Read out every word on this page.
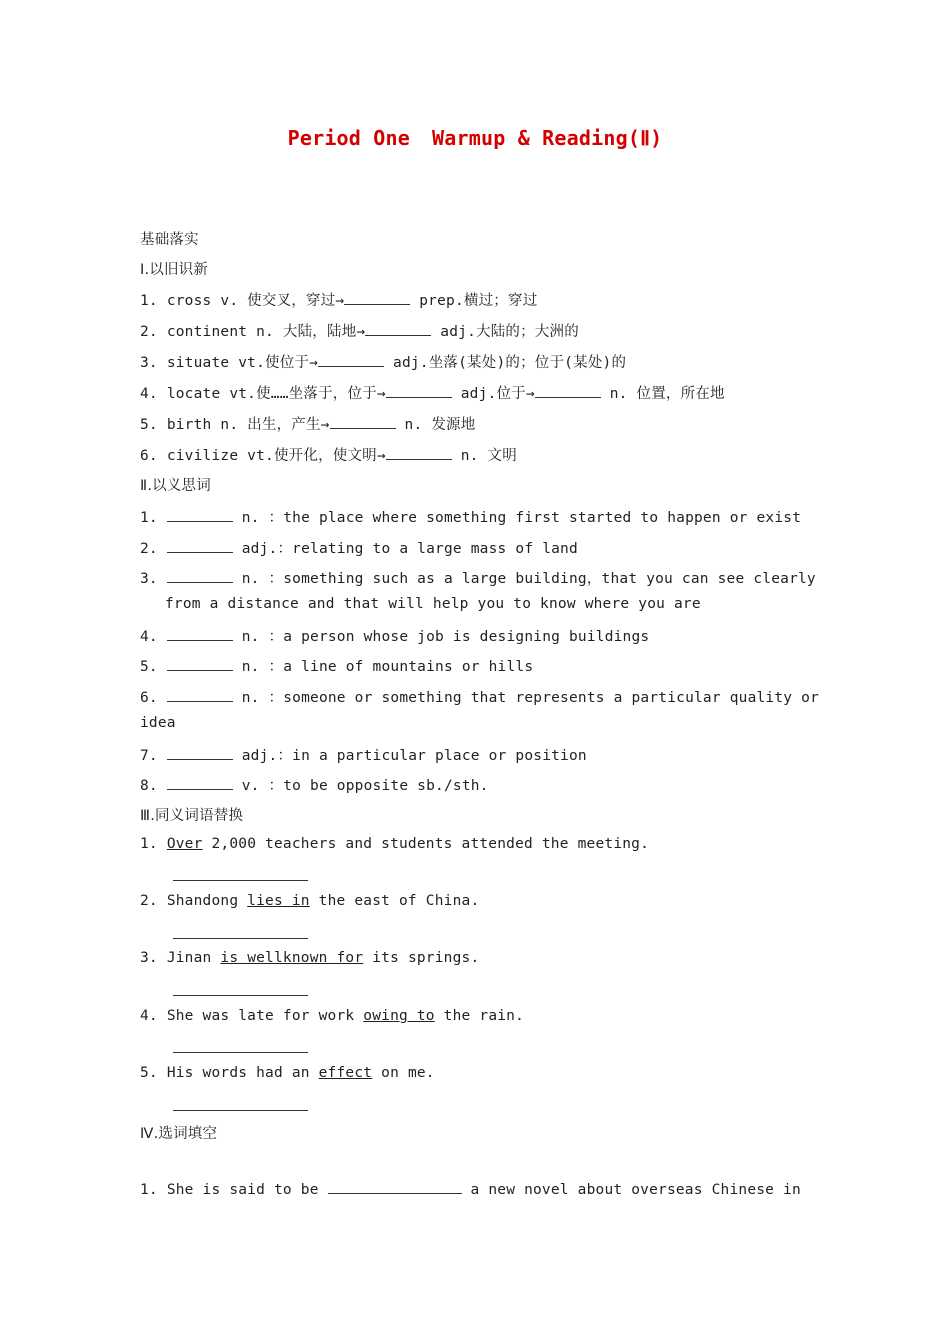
Period One Warmup & Reading(Ⅱ)
基础落实
Ⅰ.以旧识新
1. cross v. 使交叉，穿过→	prep.横过；穿过
2. continent n. 大陆，陆地→	adj.大陆的；大洲的
3. situate vt.使位于→	adj.坐落(某处)的；位于(某处)的
4. locate vt.使……坐落于，位于→	adj.位于→	n. 位置，所在地
5. birth n. 出生，产生→	n. 发源地
6. civilize vt.使开化，使文明→	n. 文明
Ⅱ.以义思词
1.	n. ：the place where something first started to happen or exist
2.	adj.：relating to a large mass of land
3.	n. ：something such as a large building，that you can see clearly
from a distance and that will help you to know where you are
4.	n. ：a person whose job is designing buildings
5.	n. ：a line of mountains or hills
6.	n. ：someone or something that represents a particular quality or
idea
7.	adj.：in a particular place or position
8.	v. ：to be opposite sb./sth.
Ⅲ.同义词语替换
1. Over 2,000 teachers and students attended the meeting.
2. Shandong lies in the east of China.
3. Jinan is wellknown for its springs.
4. She was late for work owing to the rain.
5. His words had an effect on me.
Ⅳ.选词填空
1. She is said to be	a new novel about overseas Chinese in
